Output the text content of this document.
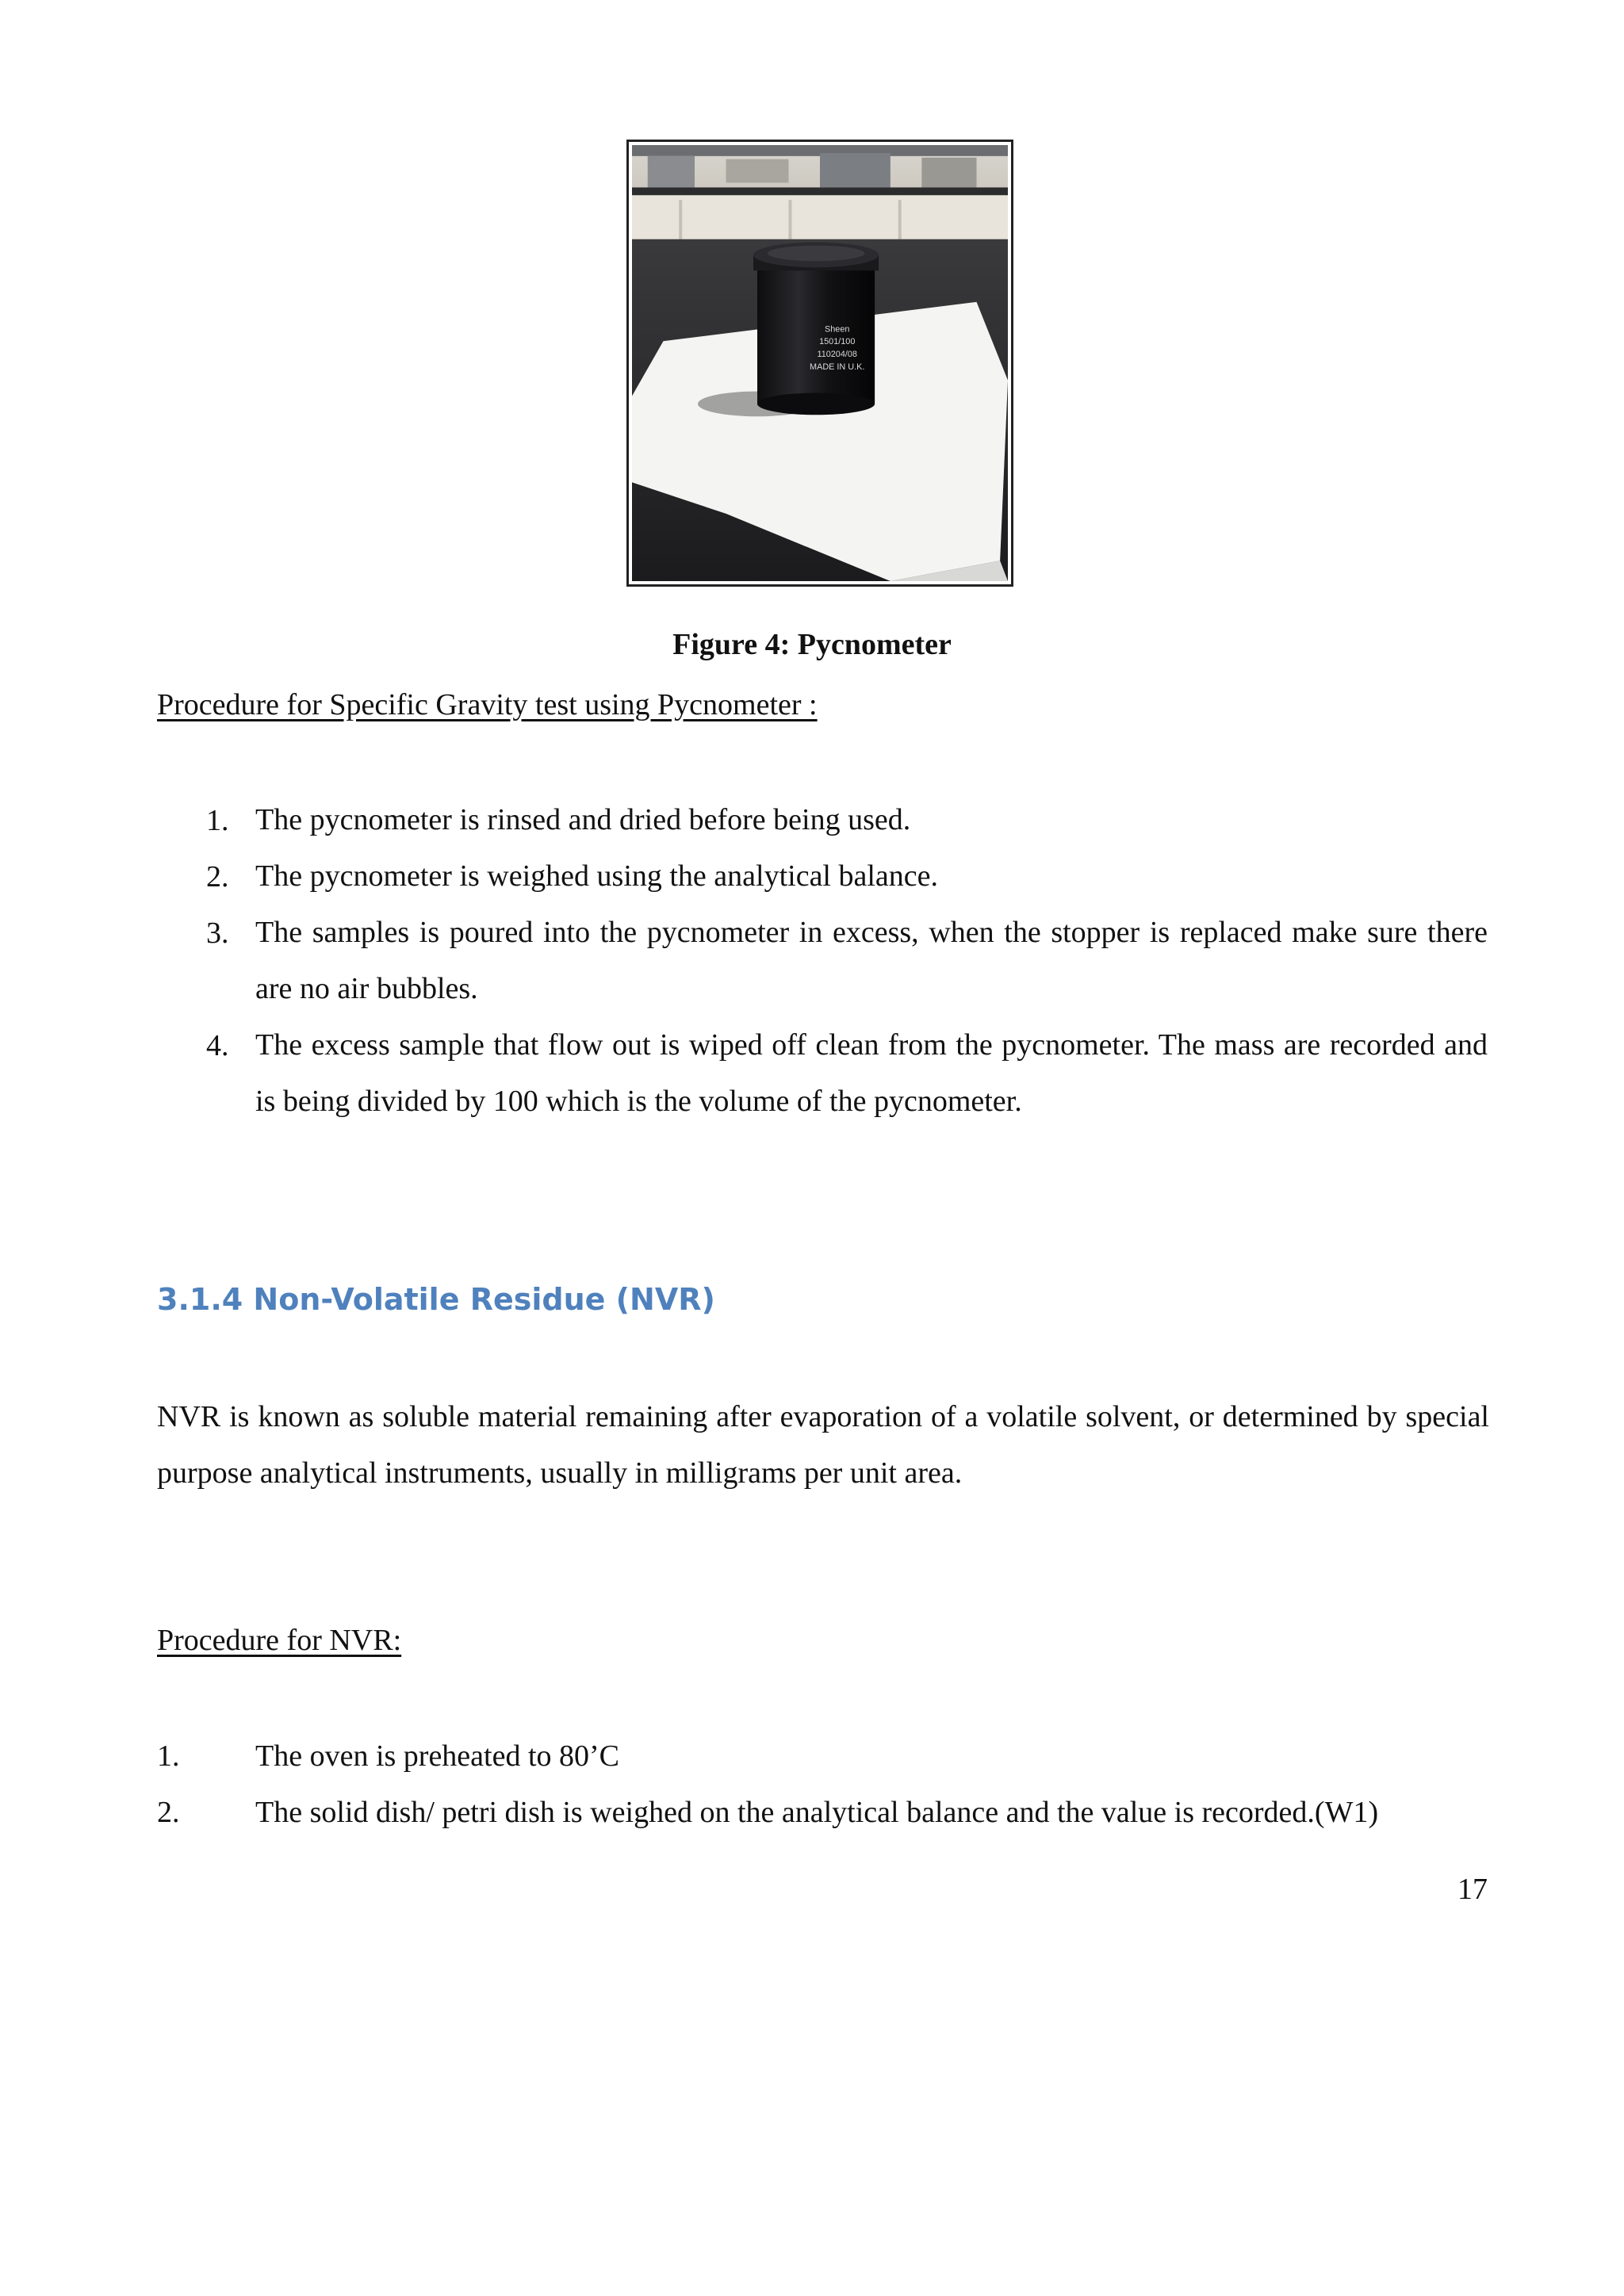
Sheen
1501/100
110204/08
MADE IN U.K.
Figure 4: Pycnometer
Procedure for Specific Gravity test using Pycnometer :
1. The pycnometer is rinsed and dried before being used.
2. The pycnometer is weighed using the analytical balance.
3. The samples is poured into the pycnometer in excess, when the stopper is replaced make sure there are no air bubbles.
4. The excess sample that flow out is wiped off clean from the pycnometer. The mass are recorded and is being divided by 100 which is the volume of the pycnometer.
3.1.4 Non-Volatile Residue (NVR)
NVR is known as soluble material remaining after evaporation of a volatile solvent, or determined by special purpose analytical instruments, usually in milligrams per unit area.
Procedure for NVR:
1.	The oven is preheated to 80’C
2.	The solid dish/ petri dish is weighed on the analytical balance and the value is recorded.(W1)
17
